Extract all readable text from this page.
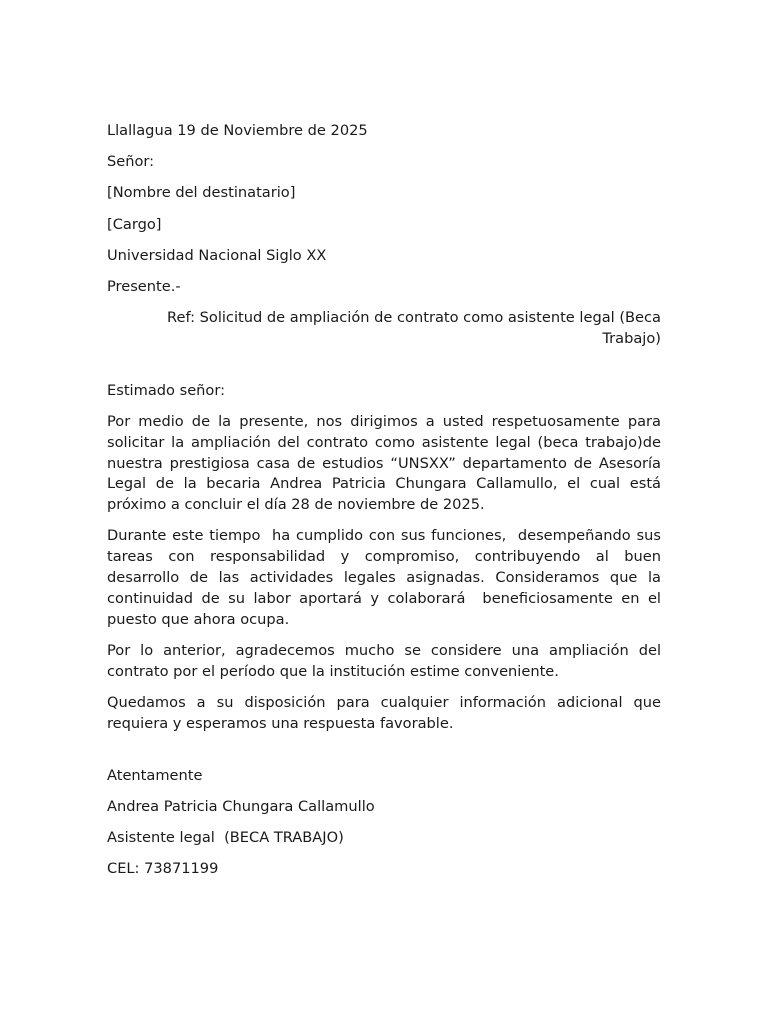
Llallagua 19 de Noviembre de 2025
Señor:
[Nombre del destinatario]
[Cargo]
Universidad Nacional Siglo XX
Presente.-
Ref: Solicitud de ampliación de contrato como asistente legal (Beca Trabajo)
Estimado señor:
Por medio de la presente, nos dirigimos a usted respetuosamente para solicitar la ampliación del contrato como asistente legal (beca trabajo)de nuestra prestigiosa casa de estudios “UNSXX” departamento de Asesoría Legal de la becaria Andrea Patricia Chungara Callamullo, el cual está próximo a concluir el día 28 de noviembre de 2025.
Durante este tiempo  ha cumplido con sus funciones,  desempeñando sus tareas con responsabilidad y compromiso, contribuyendo al buen desarrollo de las actividades legales asignadas. Consideramos que la continuidad de su labor aportará y colaborará  beneficiosamente en el puesto que ahora ocupa.
Por lo anterior, agradecemos mucho se considere una ampliación del contrato por el período que la institución estime conveniente.
Quedamos a su disposición para cualquier información adicional que requiera y esperamos una respuesta favorable.
Atentamente
Andrea Patricia Chungara Callamullo
Asistente legal  (BECA TRABAJO)
CEL: 73871199
